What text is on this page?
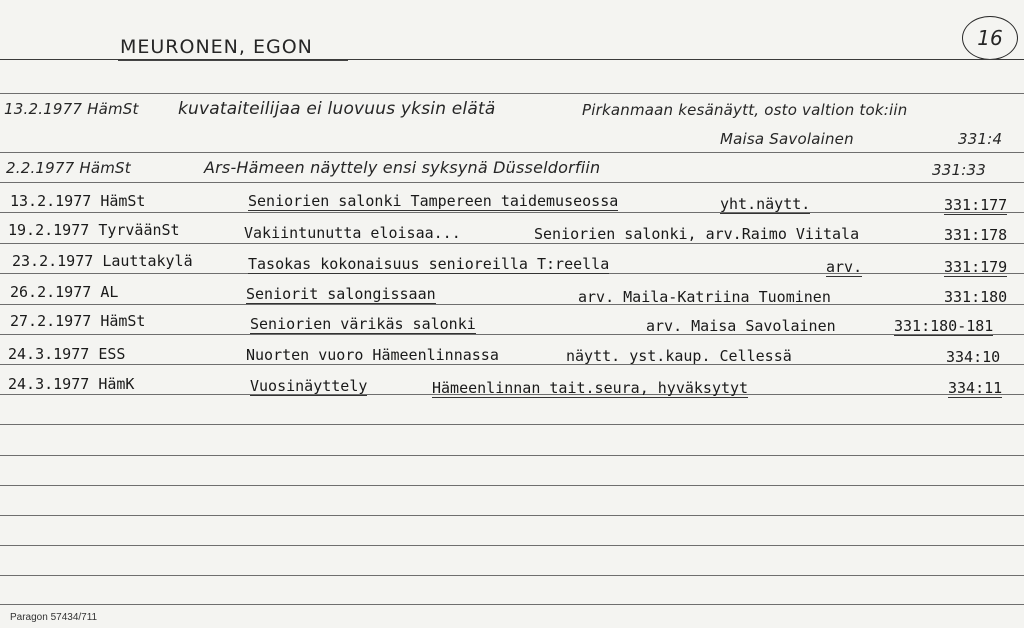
MEURONEN, EGON	16
13.2.1977 HämSt kuvataiteilijaa ei luovuus yksin elätä	Pirkanmaan kesänäytt, osto valtion tok:iin
Maisa Savolainen	331:4
2.2.1977 HämSt	Ars-Hämeen näyttely ensi syksynä Düsseldorfiin	331:33
13.2.1977 HämSt	Seniorien salonki Tampereen taidemuseossa	yht.näytt.	331:177
19.2.1977 TyrväänSt	Vakiintunutta eloisaa...	Seniorien salonki, arv.Raimo Viitala	331:178
23.2.1977 Lauttakylä	Tasokas kokonaisuus senioreilla T:reella	arv.	331:179
26.2.1977 AL	Seniorit salongissaan	arv. Maila-Katriina Tuominen	331:180
27.2.1977 HämSt	Seniorien värikäs salonki	arv. Maisa Savolainen	331:180-181
24.3.1977 ESS	Nuorten vuoro Hämeenlinnassa	näytt. yst.kaup. Cellessä	334:10
24.3.1977 HämK	Vuosinäyttely	Hämeenlinnan tait.seura, hyväksytyt	334:11
Paragon 57434/711
